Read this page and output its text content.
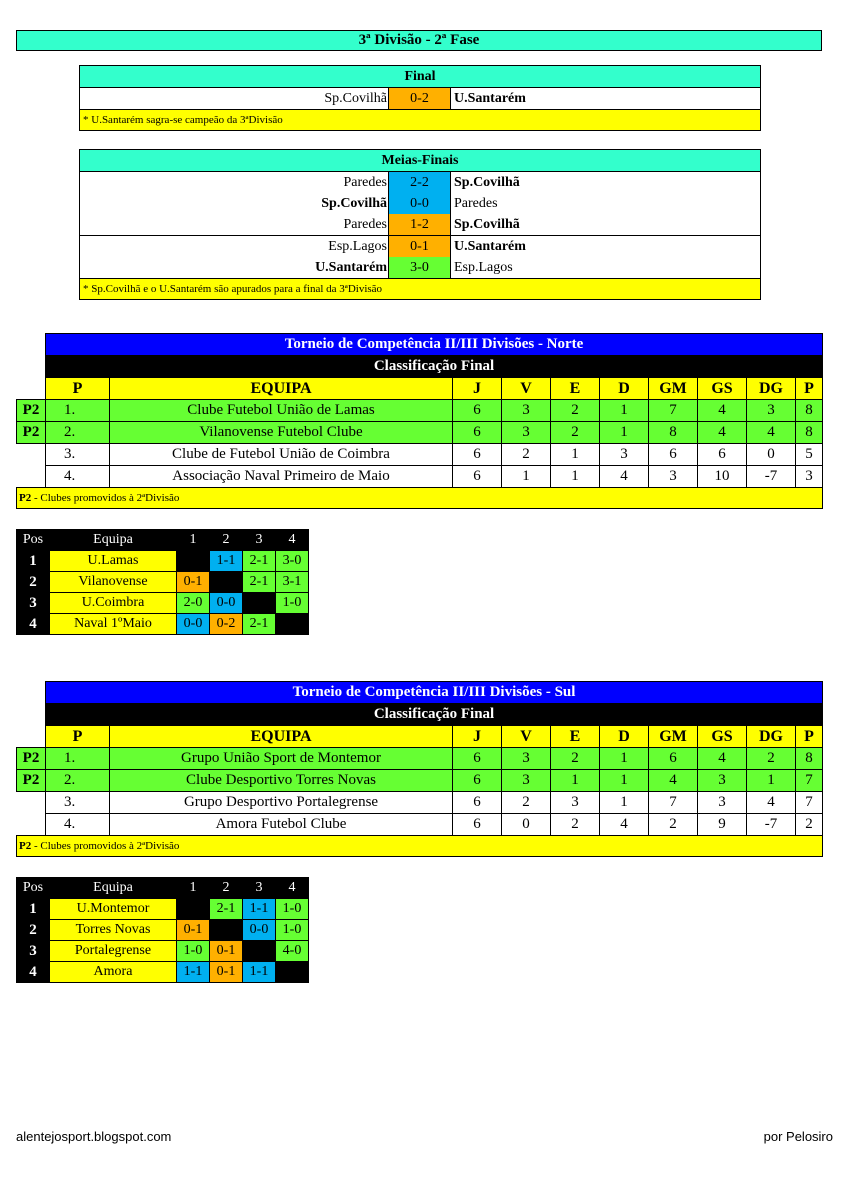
3ª Divisão - 2ª Fase
Final
Sp.Covilhã	0-2	U.Santarém
* U.Santarém sagra-se campeão da 3ªDivisão
Meias-Finais
Paredes	2-2	Sp.Covilhã
Sp.Covilhã	0-0	Paredes
Paredes	1-2	Sp.Covilhã
Esp.Lagos	0-1	U.Santarém
U.Santarém	3-0	Esp.Lagos
* Sp.Covilhã e o U.Santarém são apurados para a final da 3ªDivisão
	Torneio de Competência II/III Divisões - Norte									
	Classificação Final									
	P	EQUIPA	J	V	E	D	GM	GS	DG	P
P2	1.	Clube Futebol União de Lamas	6	3	2	1	7	4	3	8
P2	2.	Vilanovense Futebol Clube	6	3	2	1	8	4	4	8
	3.	Clube de Futebol União de Coimbra	6	2	1	3	6	6	0	5
	4.	Associação Naval Primeiro de Maio	6	1	1	4	3	10	-7	3
P2 - Clubes promovidos à 2ªDivisão										
Pos	Equipa	1	2	3	4
1	U.Lamas		1-1	2-1	3-0
2	Vilanovense	0-1		2-1	3-1
3	U.Coimbra	2-0	0-0		1-0
4	Naval 1ºMaio	0-0	0-2	2-1	
	Torneio de Competência II/III Divisões - Sul									
	Classificação Final									
	P	EQUIPA	J	V	E	D	GM	GS	DG	P
P2	1.	Grupo União Sport de Montemor	6	3	2	1	6	4	2	8
P2	2.	Clube Desportivo Torres Novas	6	3	1	1	4	3	1	7
	3.	Grupo Desportivo Portalegrense	6	2	3	1	7	3	4	7
	4.	Amora Futebol Clube	6	0	2	4	2	9	-7	2
P2 - Clubes promovidos à 2ªDivisão										
Pos	Equipa	1	2	3	4
1	U.Montemor		2-1	1-1	1-0
2	Torres Novas	0-1		0-0	1-0
3	Portalegrense	1-0	0-1		4-0
4	Amora	1-1	0-1	1-1	
alentejosport.blogspot.com	por Pelosiro
